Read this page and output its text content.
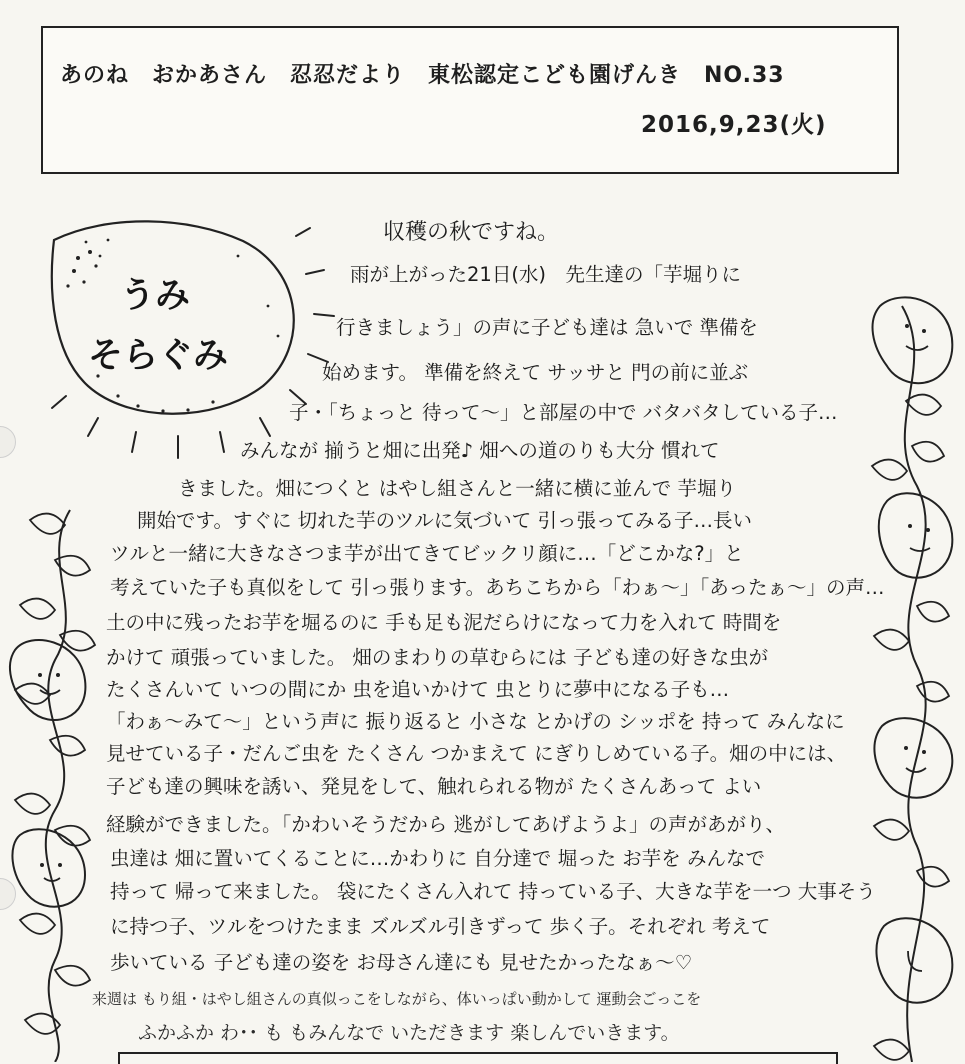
あのね　おかあさん　忍忍だより　東松認定こども園げんき　NO.33
2016,9,23(火)
うみ
そらぐみ
収穫の秋ですね。
雨が上がった21日(水)　先生達の「芋堀りに
行きましょう」の声に子ども達は 急いで 準備を
始めます。 準備を終えて サッサと 門の前に並ぶ
子・「ちょっと 待って〜」と部屋の中で バタバタしている子…
みんなが 揃うと畑に出発♪ 畑への道のりも大分 慣れて
きました。畑につくと はやし組さんと一緒に横に並んで 芋堀り
開始です。すぐに 切れた芋のツルに気づいて 引っ張ってみる子…長い
ツルと一緒に大きなさつま芋が出てきてビックリ顔に…「どこかな?」と
考えていた子も真似をして 引っ張ります。あちこちから「わぁ〜」「あったぁ〜」の声…
土の中に残ったお芋を堀るのに 手も足も泥だらけになって力を入れて 時間を
かけて 頑張っていました。 畑のまわりの草むらには 子ども達の好きな虫が
たくさんいて いつの間にか 虫を追いかけて 虫とりに夢中になる子も…
「わぁ〜みて〜」という声に 振り返ると 小さな とかげの シッポを 持って みんなに
見せている子・だんご虫を たくさん つかまえて にぎりしめている子。畑の中には、
子ども達の興味を誘い、発見をして、触れられる物が たくさんあって よい
経験ができました。「かわいそうだから 逃がしてあげようよ」の声があがり、
虫達は 畑に置いてくることに…かわりに 自分達で 堀った お芋を みんなで
持って 帰って来ました。 袋にたくさん入れて 持っている子、大きな芋を一つ 大事そう
に持つ子、ツルをつけたまま ズルズル引きずって 歩く子。それぞれ 考えて
歩いている 子ども達の姿を お母さん達にも 見せたかったなぁ〜♡
来週は もり組・はやし組さんの真似っこをしながら、体いっぱい動かして 運動会ごっこを
ふかふか わ･･ も もみんなで いただきます 楽しんでいきます。
